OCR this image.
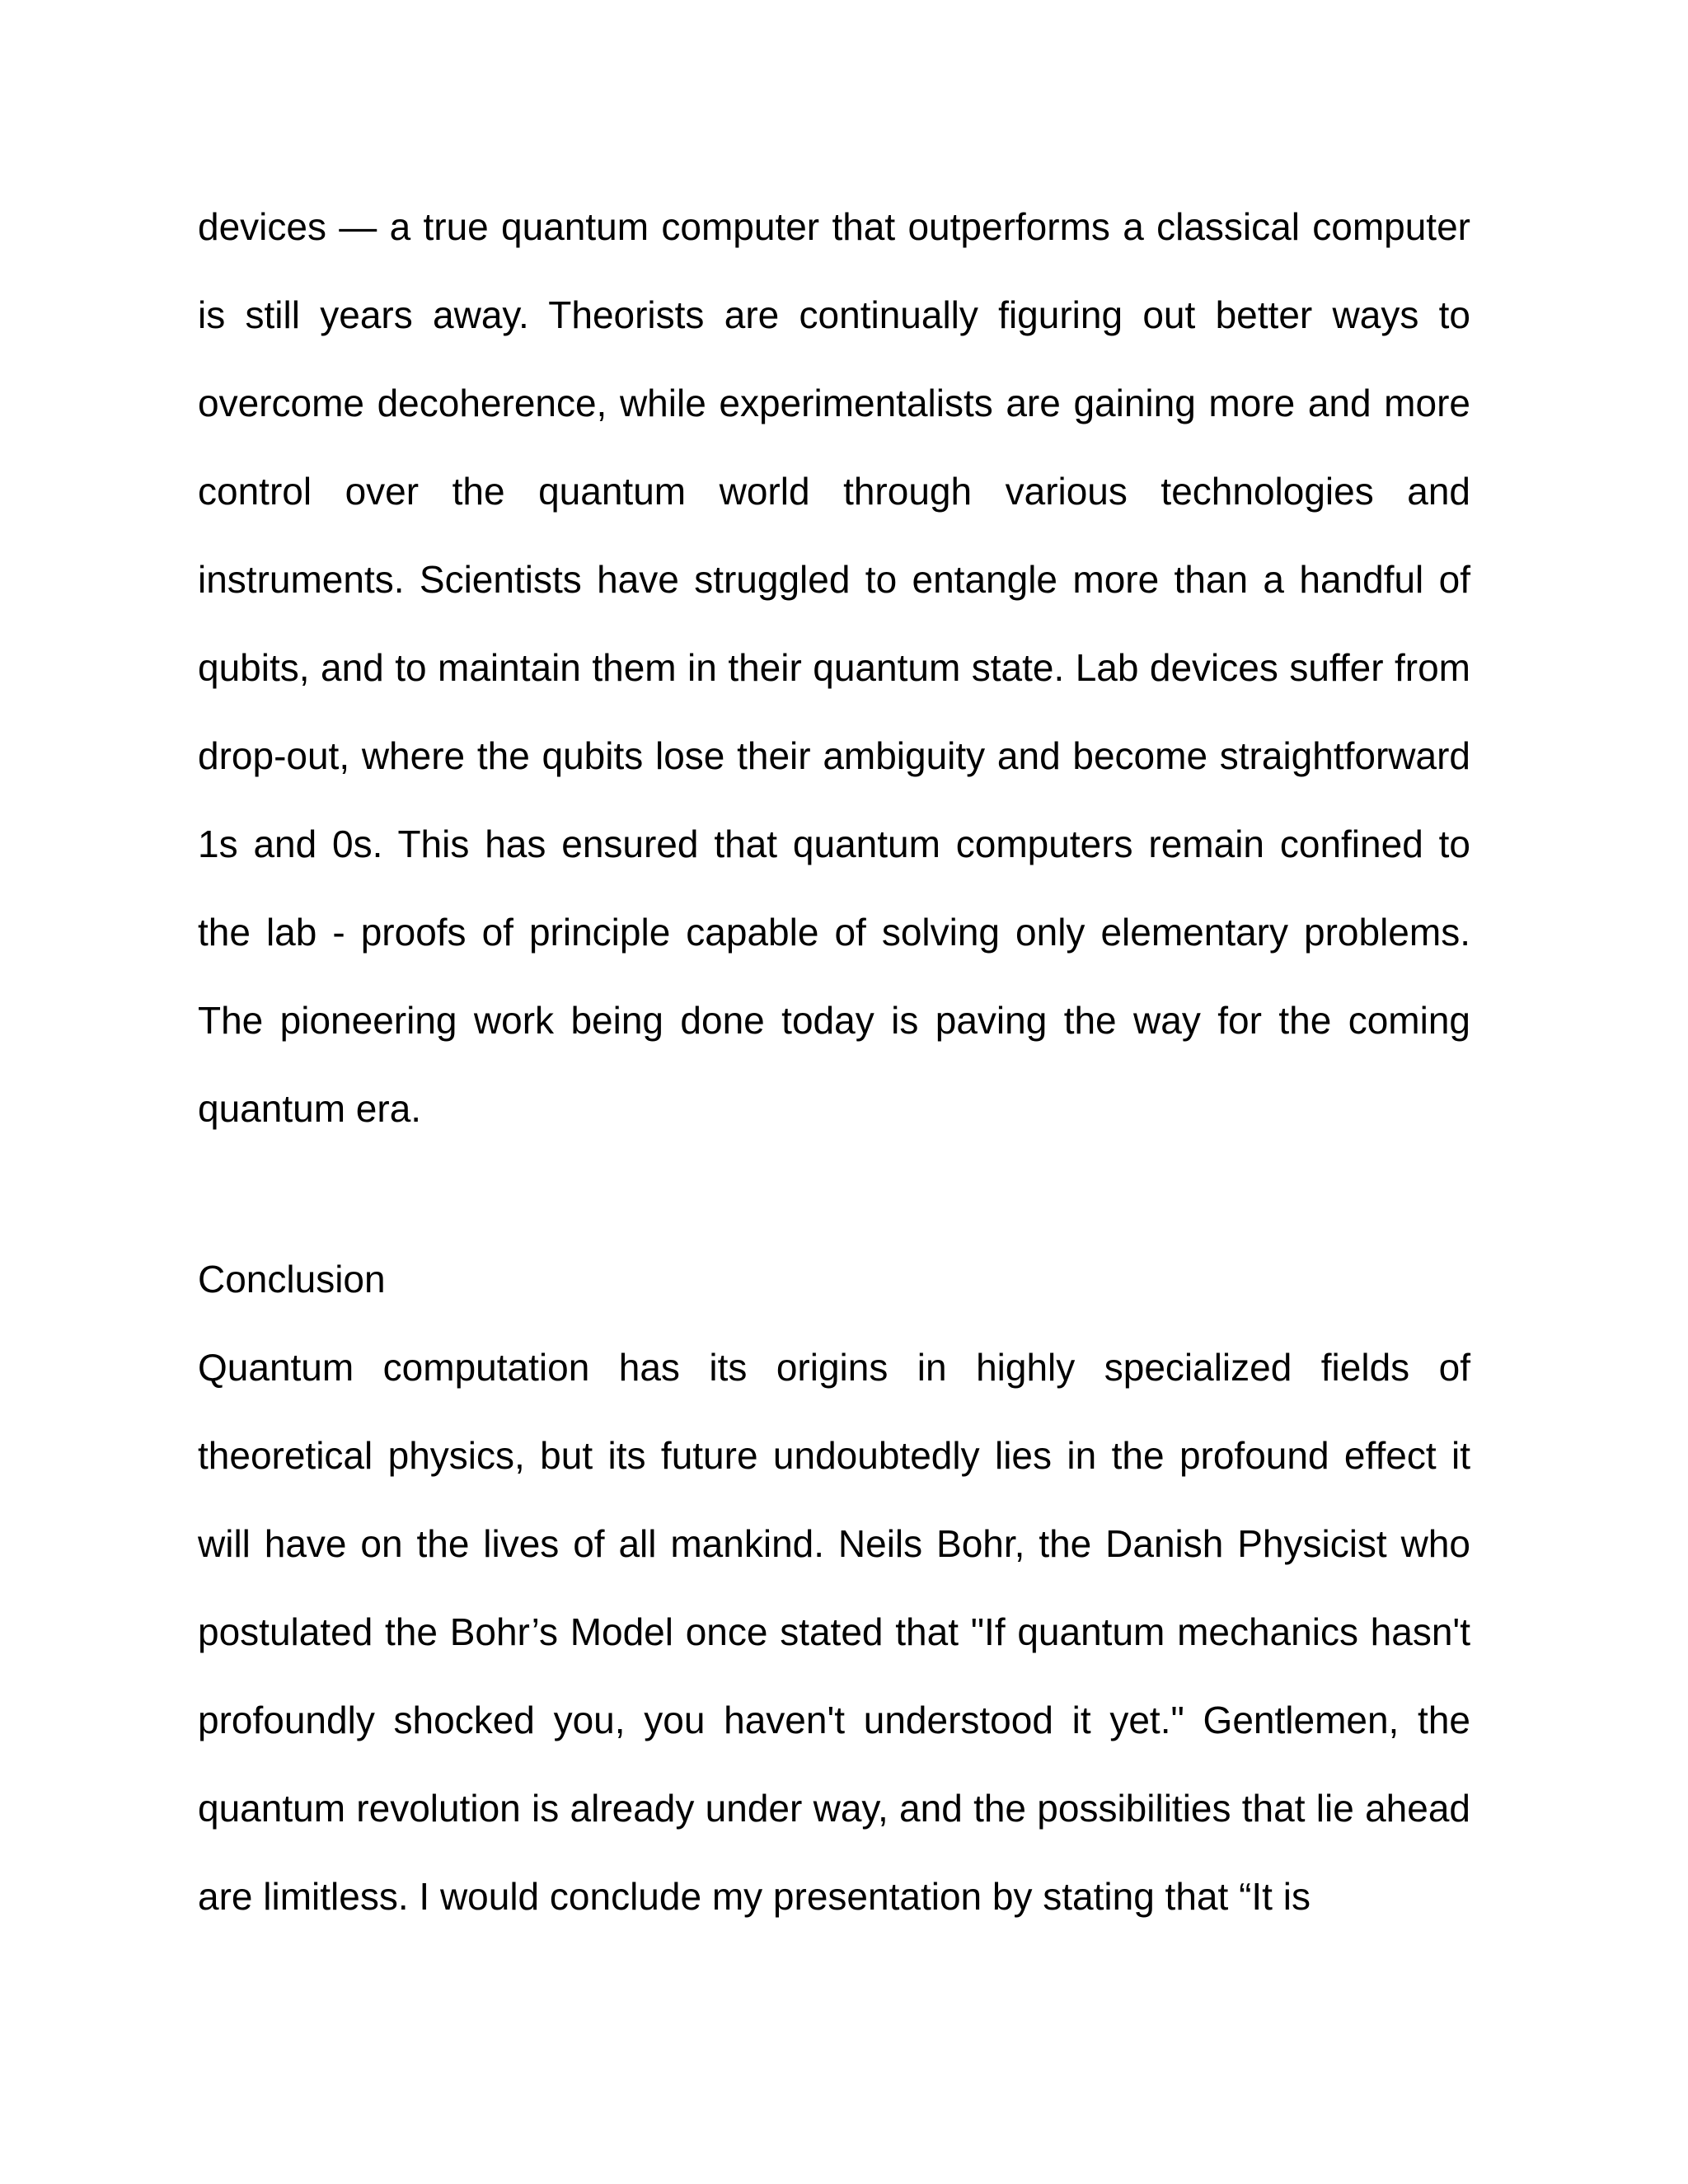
devices — a true quantum computer that outperforms a classical computer is still years away. Theorists are continually figuring out better ways to overcome decoherence, while experimentalists are gaining more and more control over the quantum world through various technologies and instruments. Scientists have struggled to entangle more than a handful of qubits, and to maintain them in their quantum state. Lab devices suffer from drop-out, where the qubits lose their ambiguity and become straightforward 1s and 0s. This has ensured that quantum computers remain confined to the lab - proofs of principle capable of solving only elementary problems. The pioneering work being done today is paving the way for the coming quantum era.

Conclusion

Quantum computation has its origins in highly specialized fields of theoretical physics, but its future undoubtedly lies in the profound effect it will have on the lives of all mankind. Neils Bohr, the Danish Physicist who postulated the Bohr’s Model once stated that "If quantum mechanics hasn't profoundly shocked you, you haven't understood it yet." Gentlemen, the quantum revolution is already under way, and the possibilities that lie ahead are limitless. I would conclude my presentation by stating that “It is
